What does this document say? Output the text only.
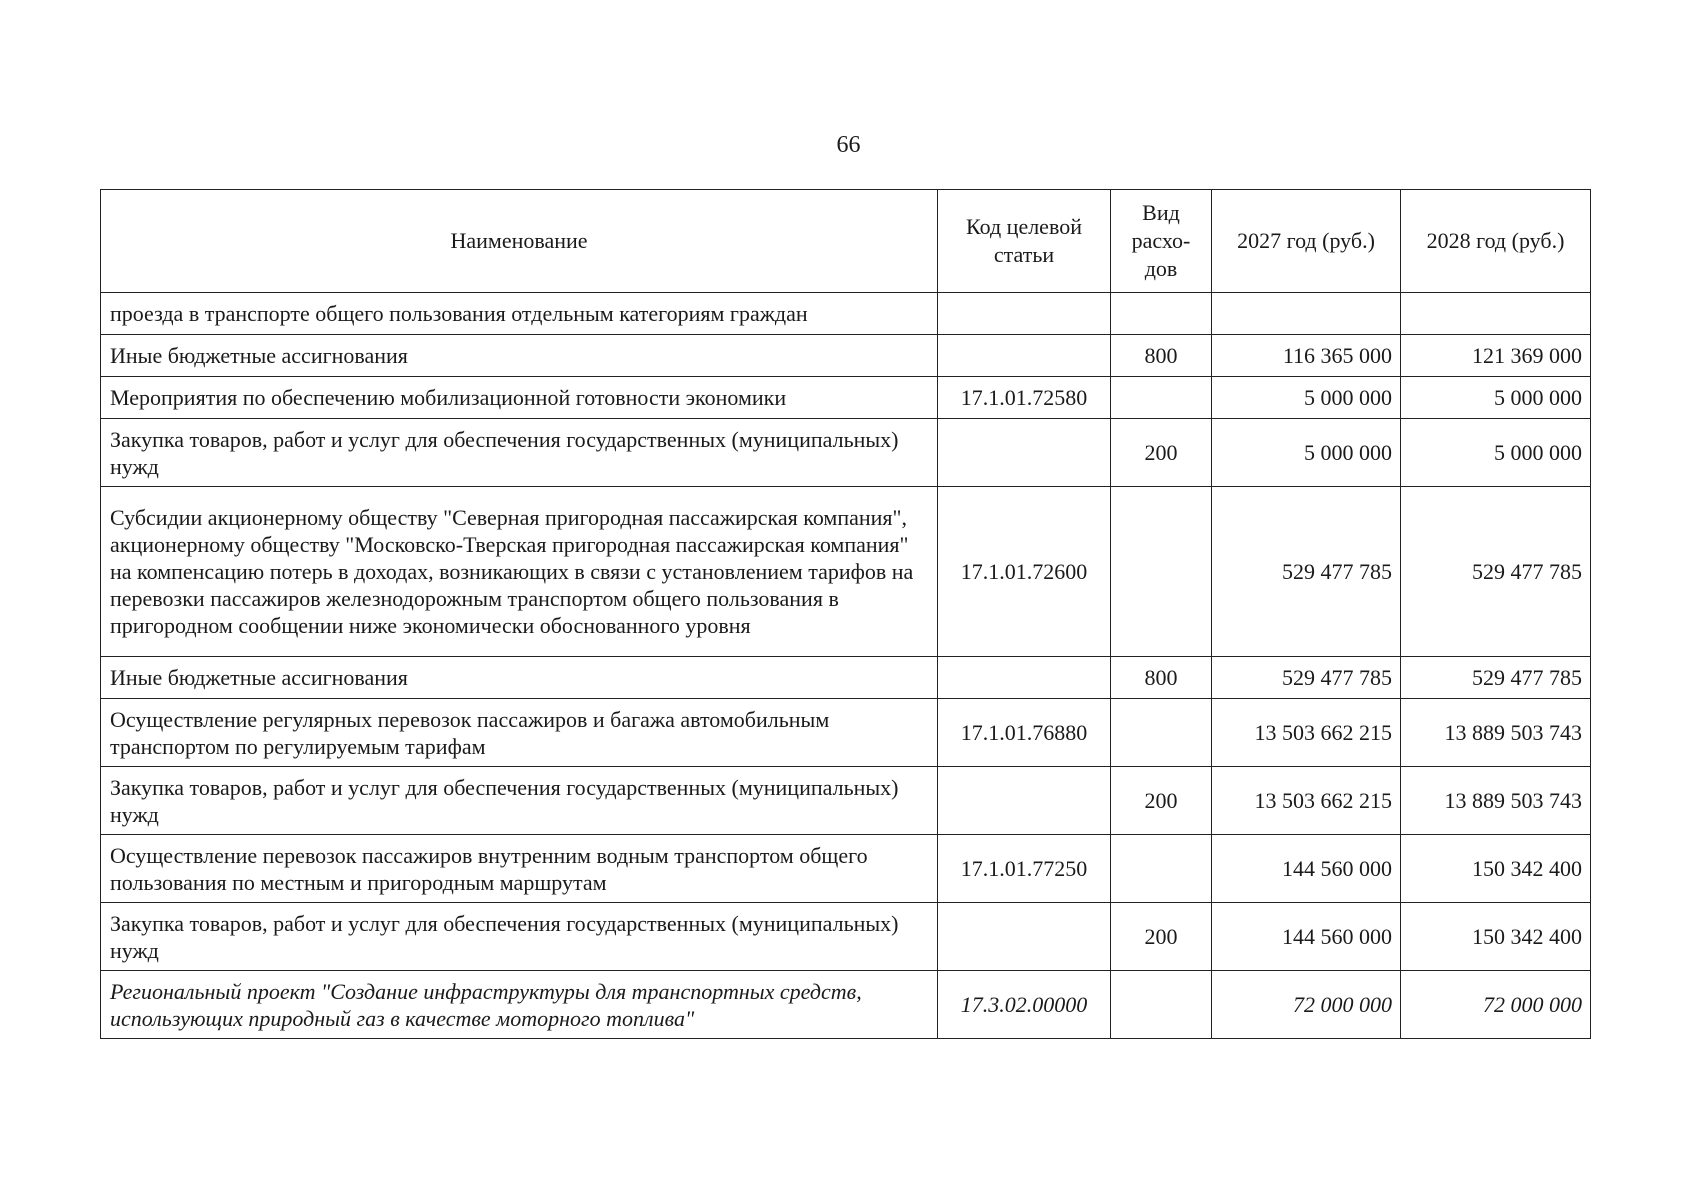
66
Наименование	Код целевой статьи	Вид расхо-дов	2027 год (руб.)	2028 год (руб.)
проезда в транспорте общего пользования отдельным категориям граждан				
Иные бюджетные ассигнования		800	116 365 000	121 369 000
Мероприятия по обеспечению мобилизационной готовности экономики	17.1.01.72580		5 000 000	5 000 000
Закупка товаров, работ и услуг для обеспечения государственных (муниципальных) нужд		200	5 000 000	5 000 000
Субсидии акционерному обществу "Северная пригородная пассажирская компания", акционерному обществу "Московско-Тверская пригородная пассажирская компания" на компенсацию потерь в доходах, возникающих в связи с установлением тарифов на перевозки пассажиров железнодорожным транспортом общего пользования в пригородном сообщении ниже экономически обоснованного уровня	17.1.01.72600		529 477 785	529 477 785
Иные бюджетные ассигнования		800	529 477 785	529 477 785
Осуществление регулярных перевозок пассажиров и багажа автомобильным транспортом по регулируемым тарифам	17.1.01.76880		13 503 662 215	13 889 503 743
Закупка товаров, работ и услуг для обеспечения государственных (муниципальных) нужд		200	13 503 662 215	13 889 503 743
Осуществление перевозок пассажиров внутренним водным транспортом общего пользования по местным и пригородным маршрутам	17.1.01.77250		144 560 000	150 342 400
Закупка товаров, работ и услуг для обеспечения государственных (муниципальных) нужд		200	144 560 000	150 342 400
Региональный проект "Создание инфраструктуры для транспортных средств, использующих природный газ в качестве моторного топлива"	17.3.02.00000		72 000 000	72 000 000
